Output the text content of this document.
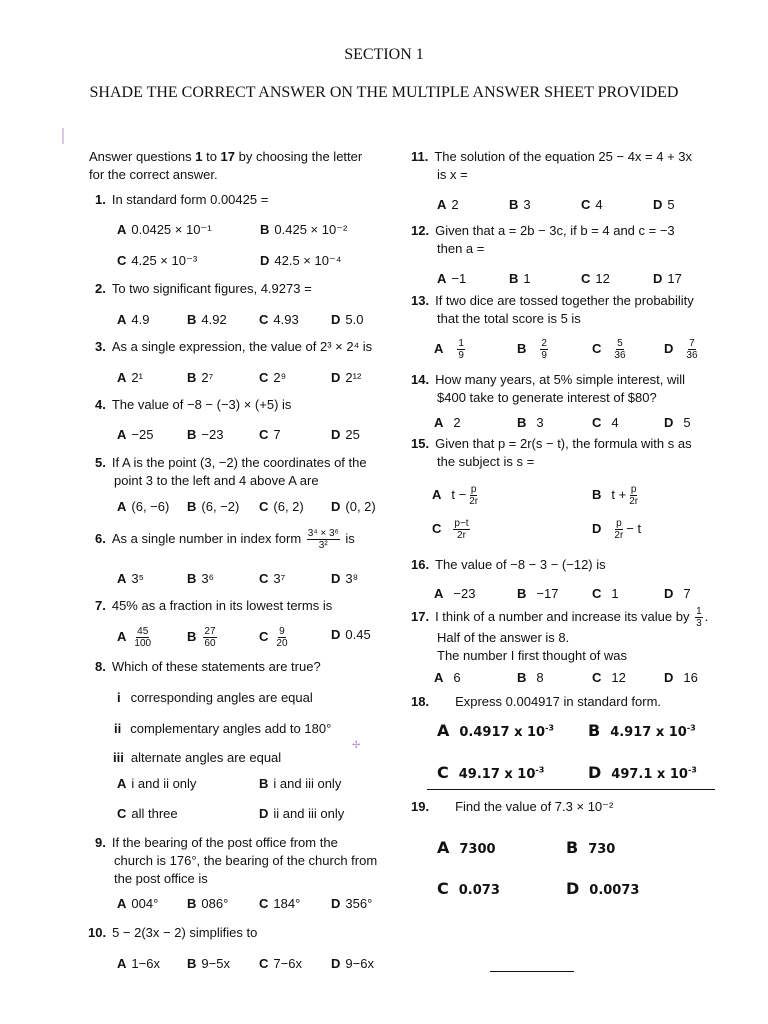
SECTION 1
SHADE THE CORRECT ANSWER ON THE MULTIPLE ANSWER SHEET PROVIDED
Answer questions 1 to 17 by choosing the letter
for the correct answer.
1. In standard form 0.00425 =
A 0.0425 × 10⁻¹	B 0.425 × 10⁻²
C 4.25 × 10⁻³	D 42.5 × 10⁻⁴
2. To two significant figures, 4.9273 =
A 4.9	B 4.92 C 4.93 D 5.0
3. As a single expression, the value of 2³ × 2⁴ is
A 2¹	B 2⁷	C 2⁹	D 2¹²
4. The value of −8 − (−3) × (+5) is
A −25	B −23	C 7	D 25
5. If A is the point (3, −2) the coordinates of the
point 3 to the left and 4 above A are
A (6, −6) B (6, −2) C (6, 2) D (0, 2)
6. As a single number in index form $\frac{\text{3⁴ × 3⁶}}{\text{3²}}$ is
A 3⁵	B 3⁶	C 3⁷	D 3⁸
7. 45% as a fraction in its lowest terms is
A $\frac{45}{100}$	B $\frac{27}{60}$	C $\frac{9}{20}$	D 0.45
8. Which of these statements are true?
i corresponding angles are equal
ii complementary angles add to 180°
iii alternate angles are equal
✢
A i and ii only	B i and iii only
C all three	D ii and iii only
9. If the bearing of the post office from the
church is 176°, the bearing of the church from
the post office is
A 004° B 086° C 184° D 356°
10. 5 − 2(3x − 2) simplifies to
A 1−6x B 9−5x C 7−6x D 9−6x
11. The solution of the equation 25 − 4x = 4 + 3x
is x =
A 2	B 3	C 4	D 5
12. Given that a = 2b − 3c, if b = 4 and c = −3
then a =
A −1	B 1	C 12	D 17
13. If two dice are tossed together the probability
that the total score is 5 is
A $\frac{1}{9}$	B $\frac{2}{9}$	C $\frac{5}{36}$	D $\frac{7}{36}$
14. How many years, at 5% simple interest, will
$400 take to generate interest of $80?
A 2	B 3	C 4	D 5
15. Given that p = 2r(s − t), the formula with s as
the subject is s =
A $t - \frac{p}{2r}$	B $t + \frac{p}{2r}$
C $\frac{p-t}{2r}$	D $\frac{p}{2r} - t$
16. The value of −8 − 3 − (−12) is
A −23	B −17	C 1	D 7
17. I think of a number and increase its value by $\frac{1}{3}$ .
Half of the answer is 8.
The number I first thought of was
A 6	B 8	C 12	D 16
18. Express 0.004917 in standard form.
A 0.4917 x $10^{-3}$ B 4.917 x $10^{-3}$
C 49.17 x $10^{-3}$	D 497.1 x $10^{-3}$
19. Find the value of 7.3 × 10⁻²
A 7300	B 730
C 0.073	D 0.0073
